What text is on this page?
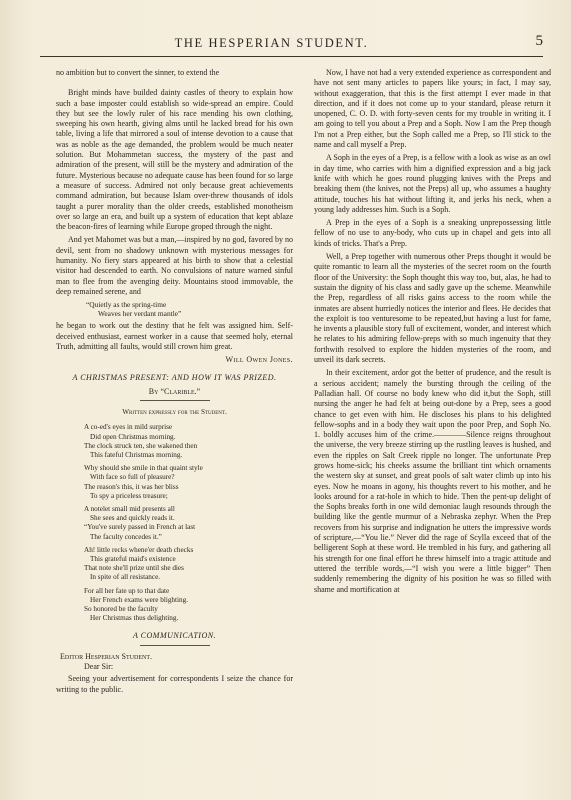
THE HESPERIAN STUDENT.	5

no ambition but to convert the sinner, to extend the

Bright minds have builded dainty castles of theory to explain how such a base imposter could establish so wide-spread an empire. Could they but see the lowly ruler of his race mending his own clothing, sweeping his own hearth, giving alms until he lacked bread for his own table, living a life that mirrored a soul of intense devotion to a cause that was as noble as the age demanded, the problem would be much neater solution. But Mohammetan success, the mystery of the past and admiration of the present, will still be the mystery and admiration of the future. Mysterious because no adequate cause has been found for so large a measure of success. Admired not only because great achievements command admiration, but because Islam over-threw thousands of idols taught a purer morality than the older creeds, established monotheism over so large an era, and built up a system of education that kept ablaze the beacon-fires of learning while Europe groped through the night.

And yet Mahomet was but a man,—inspired by no god, favored by no devil, sent from no shadowy unknown with mysterious messages for humanity. No fiery stars appeared at his birth to show that a celestial visitor had descended to earth. No convulsions of nature warned sinful man to flee from the avenging deity. Mountains stood immovable, the deep remained serene, and

“Quietly as the spring-time
Weaves her verdant mantle”

he began to work out the destiny that he felt was assigned him. Self-deceived enthusiast, earnest worker in a cause that seemed holy, eternal Truth, admitting all faults, would still crown him great.

Will Owen Jones.
A CHRISTMAS PRESENT: AND HOW IT WAS PRIZED.
By “Clarible.”
Written expressly for the Student.
A co-ed's eyes in mild surprise
Did open Christmas morning.
The clock struck ten, she wakened then
This fateful Christmas morning.
Why should she smile in that quaint style
With face so full of pleasure?
The reason's this, it was her bliss
To spy a priceless treasure;
A notelet small mid presents all
She sees and quickly reads it.
“You've surely passed in French at last
The faculty concedes it.”
Ah! little recks whene'er death checks
This grateful maid's existence
That note she'll prize until she dies
In spite of all resistance.
For all her fate up to that date
Her French exams were blighting.
So honored be the faculty
Her Christmas thus delighting.
A COMMUNICATION.
Editor Hesperian Student.
Dear Sir:

Seeing your advertisement for correspondents I seize the chance for writing to the public.

Now, I have not had a very extended experience as correspondent and have not sent many articles to papers like yours; in fact, I may say, without exaggeration, that this is the first attempt I ever made in that direction, and if it does not come up to your standard, please return it unopened, C. O. D. with forty-seven cents for my trouble in writing it. I am going to tell you about a Prep and a Soph. Now I am the Prep though I'm not a Prep either, but the Soph called me a Prep, so I'll stick to the name and call myself a Prep.

A Soph in the eyes of a Prep, is a fellow with a look as wise as an owl in day time, who carries with him a dignified expression and a big jack knife with which he goes round plugging knives with the Preps and breaking them (the knives, not the Preps) all up, who assumes a haughty attitude, touches his hat without lifting it, and jerks his neck, when a young lady addresses him. Such is a Soph.

A Prep in the eyes of a Soph is a sneaking unprepossessing little fellow of no use to any-body, who cuts up in chapel and gets into all kinds of tricks. That's a Prep.

Well, a Prep together with numerous other Preps thought it would be quite romantic to learn all the mysteries of the secret room on the fourth floor of the University: the Soph thought this way too, but, alas, he had to sustain the dignity of his class and sadly gave up the scheme. Meanwhile the Prep, regardless of all risks gains access to the room while the inmates are absent hurriedly notices the interior and flees. He decides that the exploit is too venturesome to be repeated,but having a lust for fame, he invents a plausible story full of excitement, wonder, and interest which he relates to his admiring fellow-preps with so much ingenuity that they forthwith resolved to explore the hidden mysteries of the room, and unveil its dark secrets.

In their excitement, ardor got the better of prudence, and the result is a serious accident; namely the bursting through the ceiling of the Palladian hall. Of course no body knew who did it,but the Soph, still nursing the anger he had felt at being out-done by a Prep, sees a good chance to get even with him. He discloses his plans to his delighted fellow-sophs and in a body they wait upon the poor Prep, and Soph No. 1. boldly accuses him of the crime.————Silence reigns throughout the universe, the very breeze stirring up the rustling leaves is hushed, and even the ripples on Salt Creek ripple no longer. The unfortunate Prep grows home-sick; his cheeks assume the brilliant tint which ornaments the western sky at sunset, and great pools of salt water climb up into his eyes. Now he moans in agony, his thoughts revert to his mother, and he looks around for a rat-hole in which to hide. Then the pent-up delight of the Sophs breaks forth in one wild demoniac laugh resounds through the building like the gentle murmur of a Nebraska zephyr. When the Prep recovers from his surprise and indignation he utters the impressive words of scripture,—“You lie.” Never did the rage of Scylla exceed that of the belligerent Soph at these word. He trembled in his fury, and gathering all his strength for one final effort he threw himself into a tragic attitude and uttered the terrible words,—“I wish you were a little bigger” Then suddenly remembering the dignity of his position he was so filled with shame and mortification at
